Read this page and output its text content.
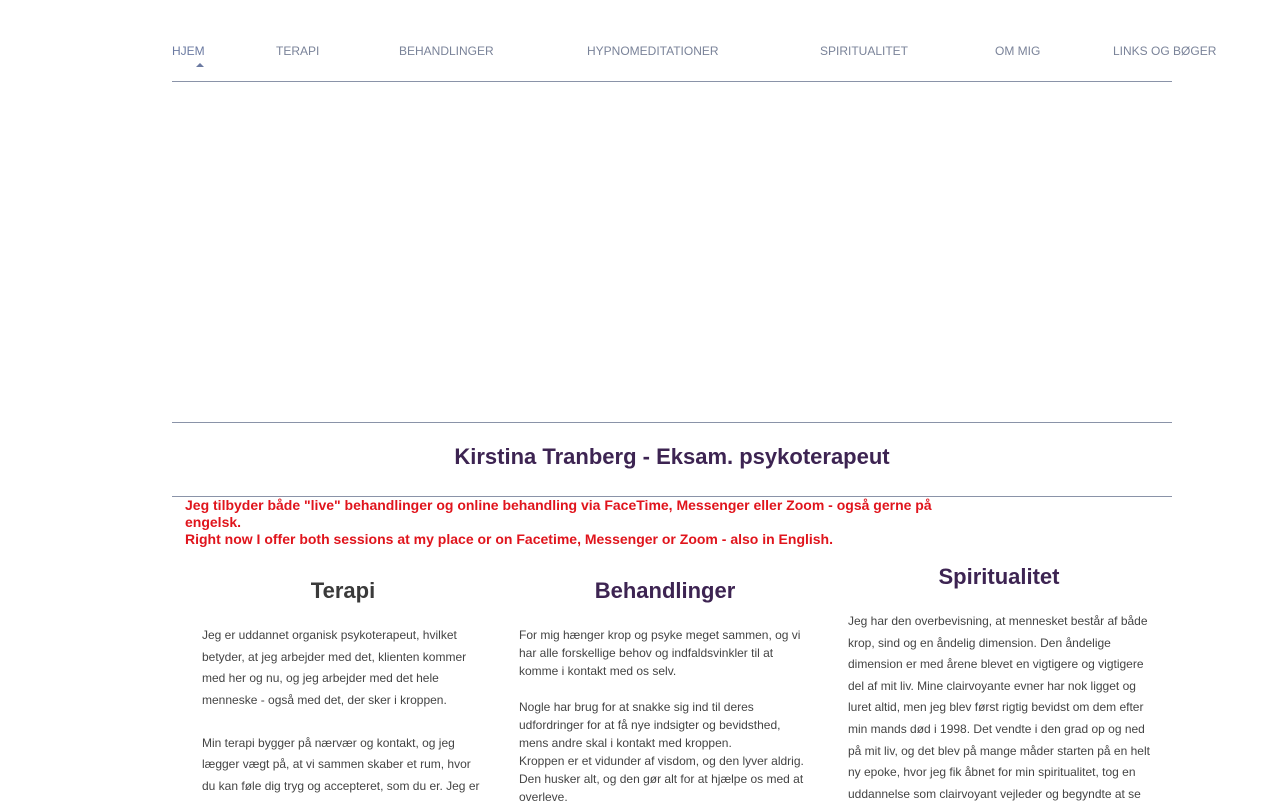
HJEM	TERAPI	BEHANDLINGER	HYPNOMEDITATIONER	SPIRITUALITET	OM MIG	LINKS OG BØGER
Kirstina Tranberg - Eksam. psykoterapeut

Jeg tilbyder både "live" behandlinger og online behandling via FaceTime, Messenger eller Zoom - også gerne på engelsk.

Right now I offer both sessions at my place or on Facetime, Messenger or Zoom - also in English.

Terapi

Jeg er uddannet organisk psykoterapeut, hvilket betyder, at jeg arbejder med det, klienten kommer med her og nu, og jeg arbejder med det hele menneske - også med det, der sker i kroppen.

Min terapi bygger på nærvær og kontakt, og jeg lægger vægt på, at vi sammen skaber et rum, hvor du kan føle dig tryg og accepteret, som du er. Jeg er

Behandlinger

For mig hænger krop og psyke meget sammen, og vi har alle forskellige behov og indfaldsvinkler til at komme i kontakt med os selv.

Nogle har brug for at snakke sig ind til deres udfordringer for at få nye indsigter og bevidsthed, mens andre skal i kontakt med kroppen.

Kroppen er et vidunder af visdom, og den lyver aldrig. Den husker alt, og den gør alt for at hjælpe os med at overleve.

Spiritualitet

Jeg har den overbevisning, at mennesket består af både krop, sind og en åndelig dimension. Den åndelige dimension er med årene blevet en vigtigere og vigtigere del af mit liv. Mine clairvoyante evner har nok ligget og luret altid, men jeg blev først rigtig bevidst om dem efter min mands død i 1998. Det vendte i den grad op og ned på mit liv, og det blev på mange måder starten på en helt ny epoke, hvor jeg fik åbnet for min spiritualitet, tog en uddannelse som clairvoyant vejleder og begyndte at se
